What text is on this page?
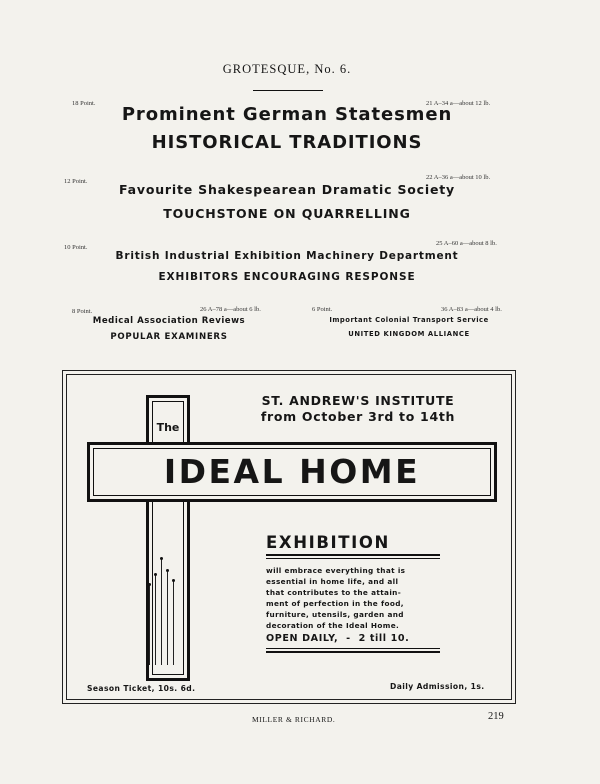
GROTESQUE, No. 6.
18 Point.	21 A–34 a—about 12 lb.
Prominent German Statesmen
HISTORICAL TRADITIONS
12 Point.
22 A–36 a—about 10 lb.
Favourite Shakespearean Dramatic Society
TOUCHSTONE ON QUARRELLING
10 Point.
25 A–60 a—about 8 lb.
British Industrial Exhibition Machinery Department
EXHIBITORS ENCOURAGING RESPONSE
8 Point.	26 A–78 a—about 6 lb.
Medical Association Reviews
POPULAR EXAMINERS
6 Point.	36 A–83 a—about 4 lb.
Important Colonial Transport Service
UNITED KINGDOM ALLIANCE
ST. ANDREW'S INSTITUTE
from October 3rd to 14th
The
IDEAL HOME
EXHIBITION
will embrace everything that is
essential in home life, and all
that contributes to the attain-
ment of perfection in the food,
furniture, utensils, garden and
decoration of the Ideal Home.
OPEN DAILY,  -  2 till 10.
Season Ticket, 10s. 6d.	Daily Admission, 1s.
MILLER & RICHARD.	219
